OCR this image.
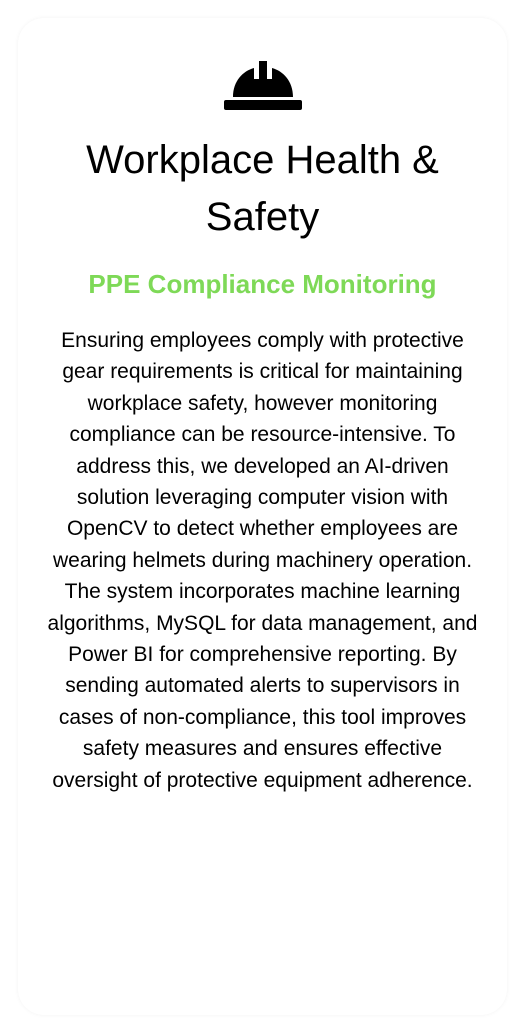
Workplace Health & Safety
PPE Compliance Monitoring

Ensuring employees comply with protective gear requirements is critical for maintaining workplace safety, however monitoring compliance can be resource-intensive. To address this, we developed an AI-driven solution leveraging computer vision with OpenCV to detect whether employees are wearing helmets during machinery operation. The system incorporates machine learning algorithms, MySQL for data management, and Power BI for comprehensive reporting. By sending automated alerts to supervisors in cases of non-compliance, this tool improves safety measures and ensures effective oversight of protective equipment adherence.
